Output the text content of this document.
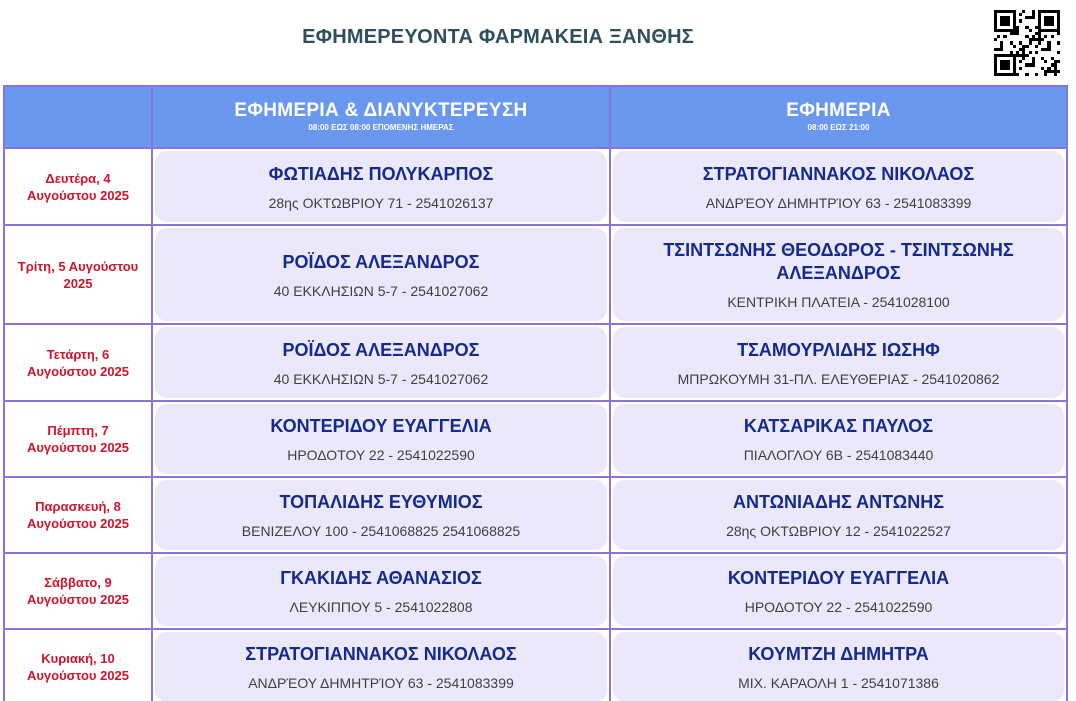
ΕΦΗΜΕΡΕΥΟΝΤΑ ΦΑΡΜΑΚΕΙΑ ΞΑΝΘΗΣ
ΕΦΗΜΕΡΙΑ & ΔΙΑΝΥΚΤΕΡΕΥΣΗ
08:00 ΕΩΣ 08:00 ΕΠΟΜΕΝΗΣ ΗΜΕΡΑΣ
ΕΦΗΜΕΡΙΑ
08:00 ΕΩΣ 21:00
Δευτέρα, 4 Αυγούστου 2025
ΦΩΤΙΑΔΗΣ ΠΟΛΥΚΑΡΠΟΣ
28ης ΟΚΤΩΒΡΙΟΥ 71 - 2541026137
ΣΤΡΑΤΟΓΙΑΝΝΑΚΟΣ ΝΙΚΟΛΑΟΣ
ΑΝΔΡΈΟΥ ΔΗΜΗΤΡΊΟΥ 63 - 2541083399
Τρίτη, 5 Αυγούστου 2025
ΡΟΪΔΟΣ ΑΛΕΞΑΝΔΡΟΣ
40 ΕΚΚΛΗΣΙΩΝ 5-7 - 2541027062
ΤΣΙΝΤΣΩΝΗΣ ΘΕΟΔΩΡΟΣ - ΤΣΙΝΤΣΩΝΗΣ ΑΛΕΞΑΝΔΡΟΣ
ΚΕΝΤΡΙΚΗ ΠΛΑΤΕΙΑ - 2541028100
Τετάρτη, 6 Αυγούστου 2025
ΡΟΪΔΟΣ ΑΛΕΞΑΝΔΡΟΣ
40 ΕΚΚΛΗΣΙΩΝ 5-7 - 2541027062
ΤΣΑΜΟΥΡΛΙΔΗΣ ΙΩΣΗΦ
ΜΠΡΩΚΟΥΜΗ 31-ΠΛ. ΕΛΕΥΘΕΡΙΑΣ - 2541020862
Πέμπτη, 7 Αυγούστου 2025
ΚΟΝΤΕΡΙΔΟΥ ΕΥΑΓΓΕΛΙΑ
ΗΡΟΔΟΤΟΥ 22 - 2541022590
ΚΑΤΣΑΡΙΚΑΣ ΠΑΥΛΟΣ
ΠΙΑΛΟΓΛΟΥ 6Β - 2541083440
Παρασκευή, 8 Αυγούστου 2025
ΤΟΠΑΛΙΔΗΣ ΕΥΘΥΜΙΟΣ
ΒΕΝΙΖΕΛΟΥ 100 - 2541068825 2541068825
ΑΝΤΩΝΙΑΔΗΣ ΑΝΤΩΝΗΣ
28ης ΟΚΤΩΒΡΙΟΥ 12 - 2541022527
Σάββατο, 9 Αυγούστου 2025
ΓΚΑΚΙΔΗΣ ΑΘΑΝΑΣΙΟΣ
ΛΕΥΚΙΠΠΟΥ 5 - 2541022808
ΚΟΝΤΕΡΙΔΟΥ ΕΥΑΓΓΕΛΙΑ
ΗΡΟΔΟΤΟΥ 22 - 2541022590
Κυριακή, 10 Αυγούστου 2025
ΣΤΡΑΤΟΓΙΑΝΝΑΚΟΣ ΝΙΚΟΛΑΟΣ
ΑΝΔΡΈΟΥ ΔΗΜΗΤΡΊΟΥ 63 - 2541083399
ΚΟΥΜΤΖΗ ΔΗΜΗΤΡΑ
ΜΙΧ. ΚΑΡΑΟΛΗ 1 - 2541071386
